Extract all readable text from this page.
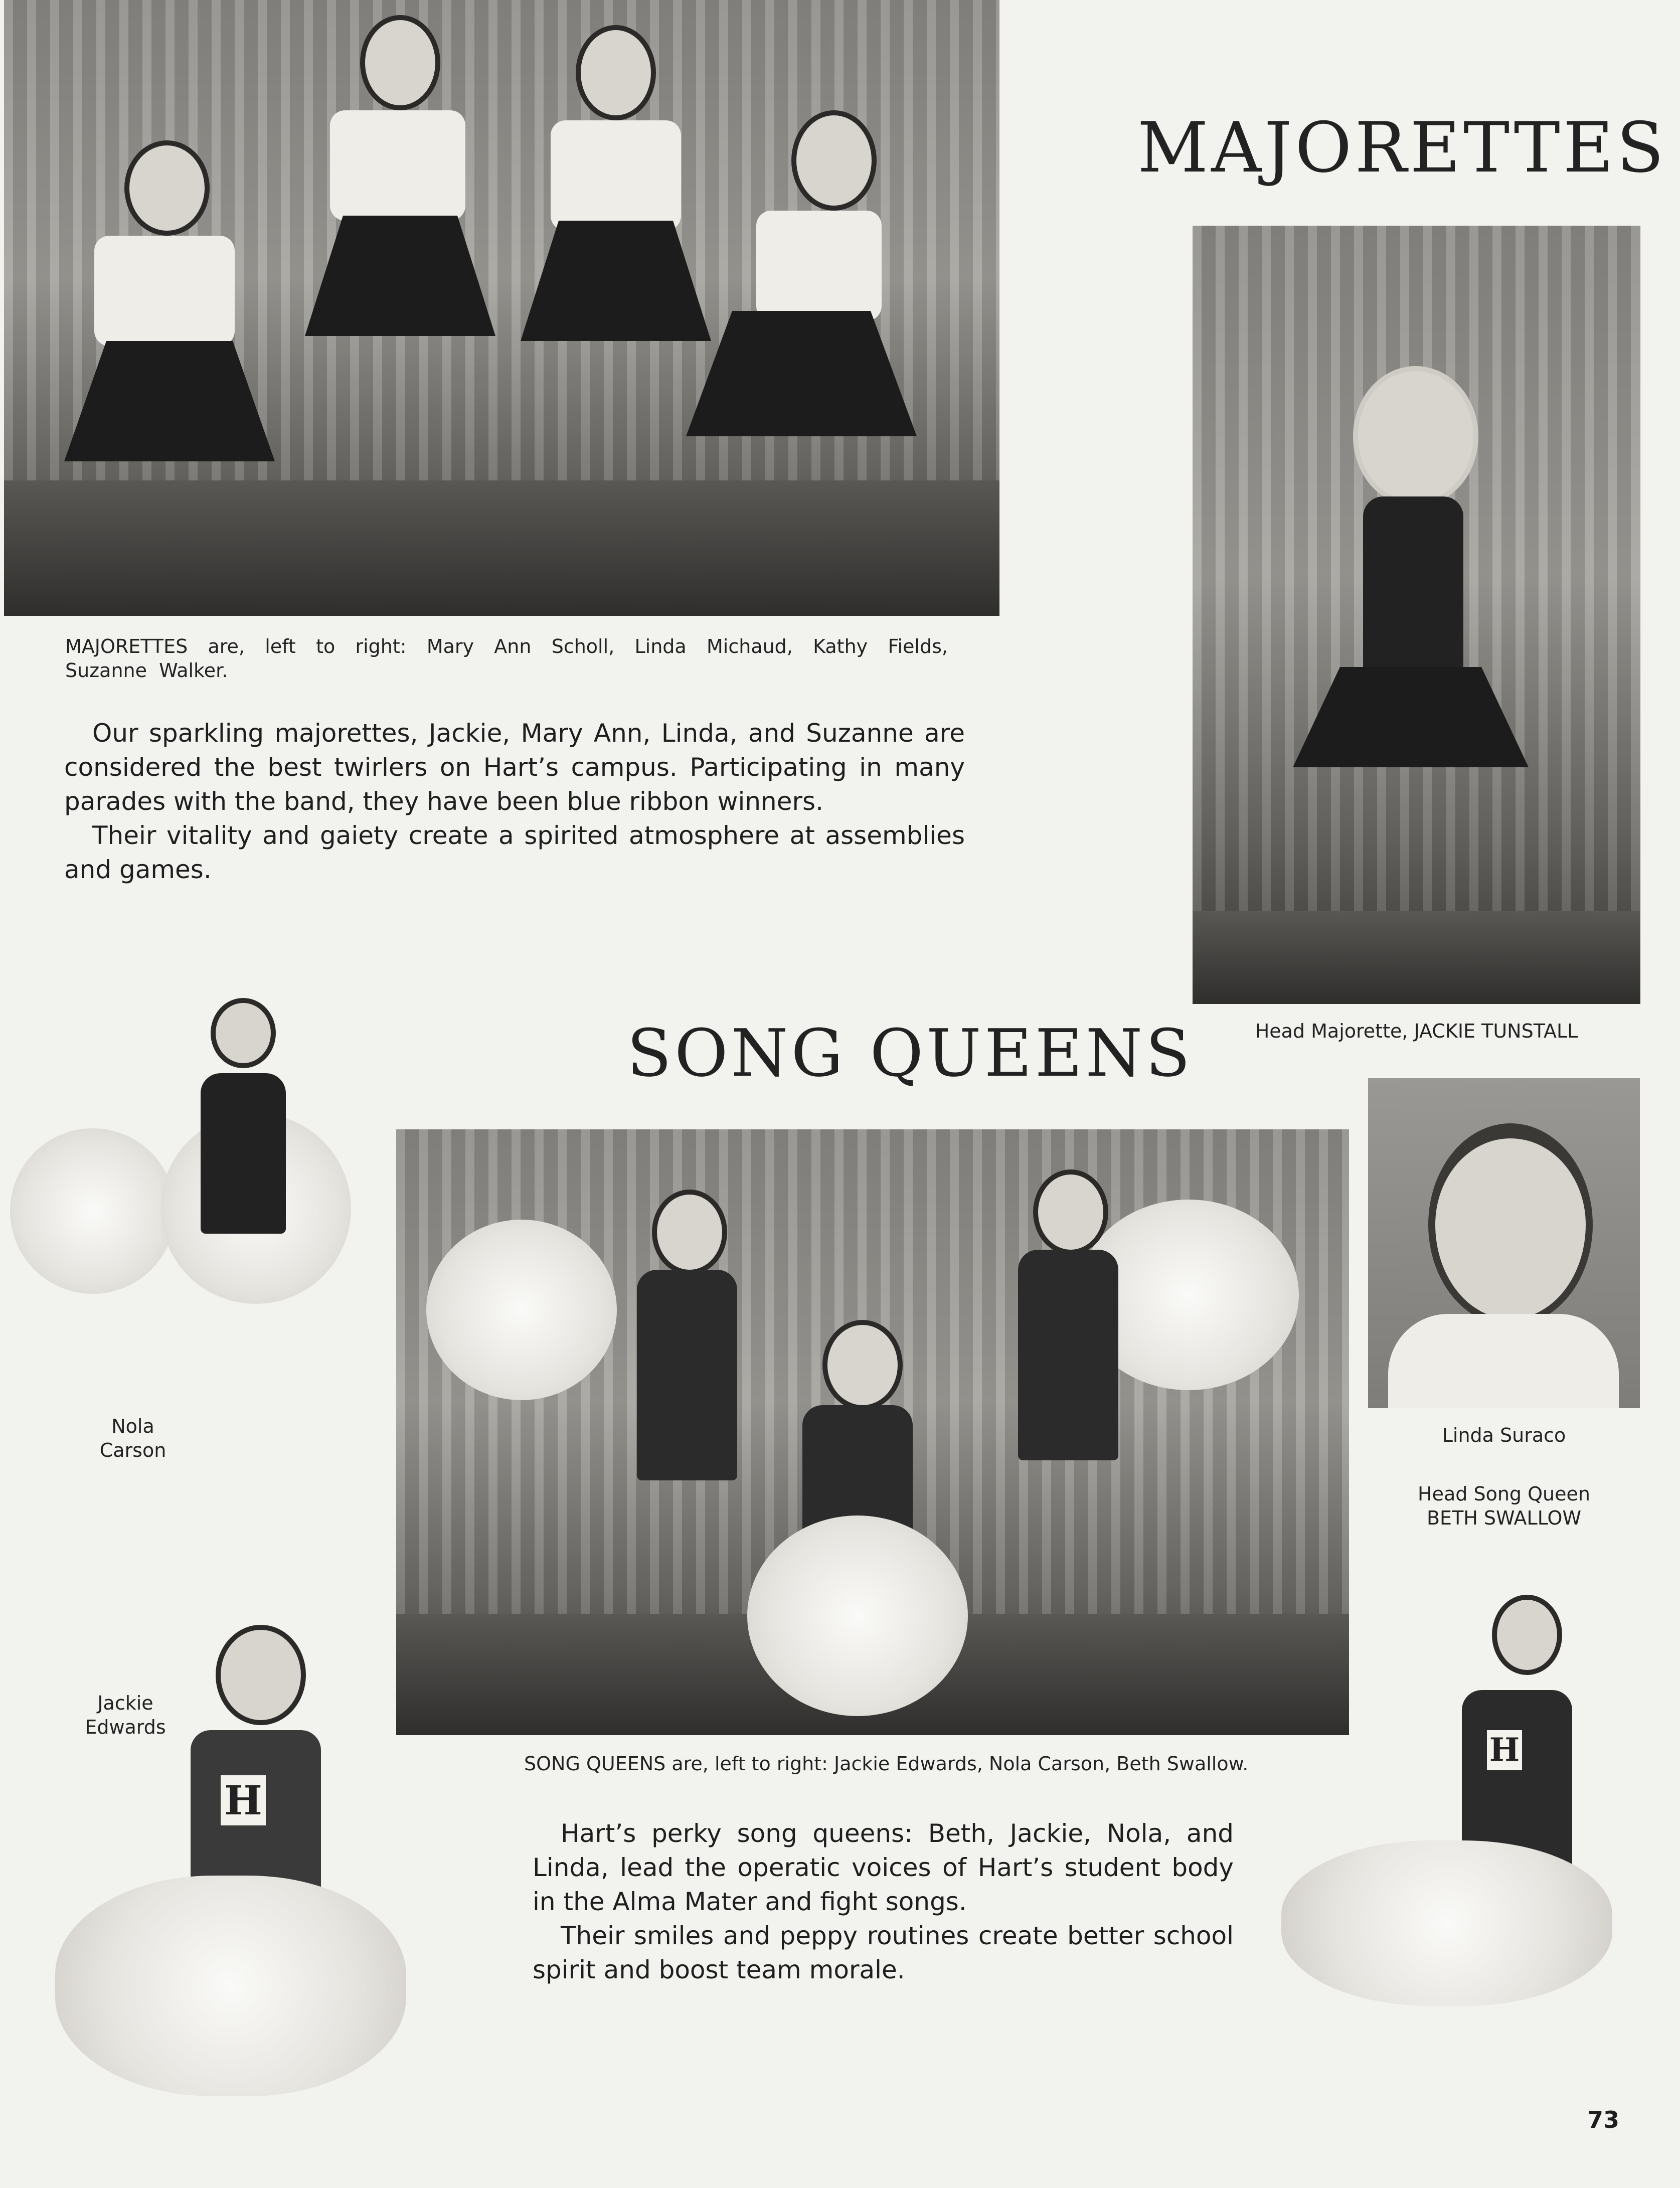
MAJORETTES
MAJORETTES are, left to right: Mary Ann Scholl, Linda Michaud, Kathy Fields, Suzanne Walker.

Our sparkling majorettes, Jackie, Mary Ann, Linda, and Suzanne are considered the best twirlers on Hart’s campus. Participating in many parades with the band, they have been blue ribbon winners.

Their vitality and gaiety create a spirited atmosphere at assemblies and games.

Head Majorette, JACKIE TUNSTALL
SONG QUEENS
Nola
Carson
SONG QUEENS are, left to right: Jackie Edwards, Nola Carson, Beth Swallow.

Hart’s perky song queens: Beth, Jackie, Nola, and Linda, lead the operatic voices of Hart’s student body in the Alma Mater and fight songs.

Their smiles and peppy routines create better school spirit and boost team morale.

Linda Suraco
Head Song Queen
BETH SWALLOW
Jackie
Edwards
H
H
73
